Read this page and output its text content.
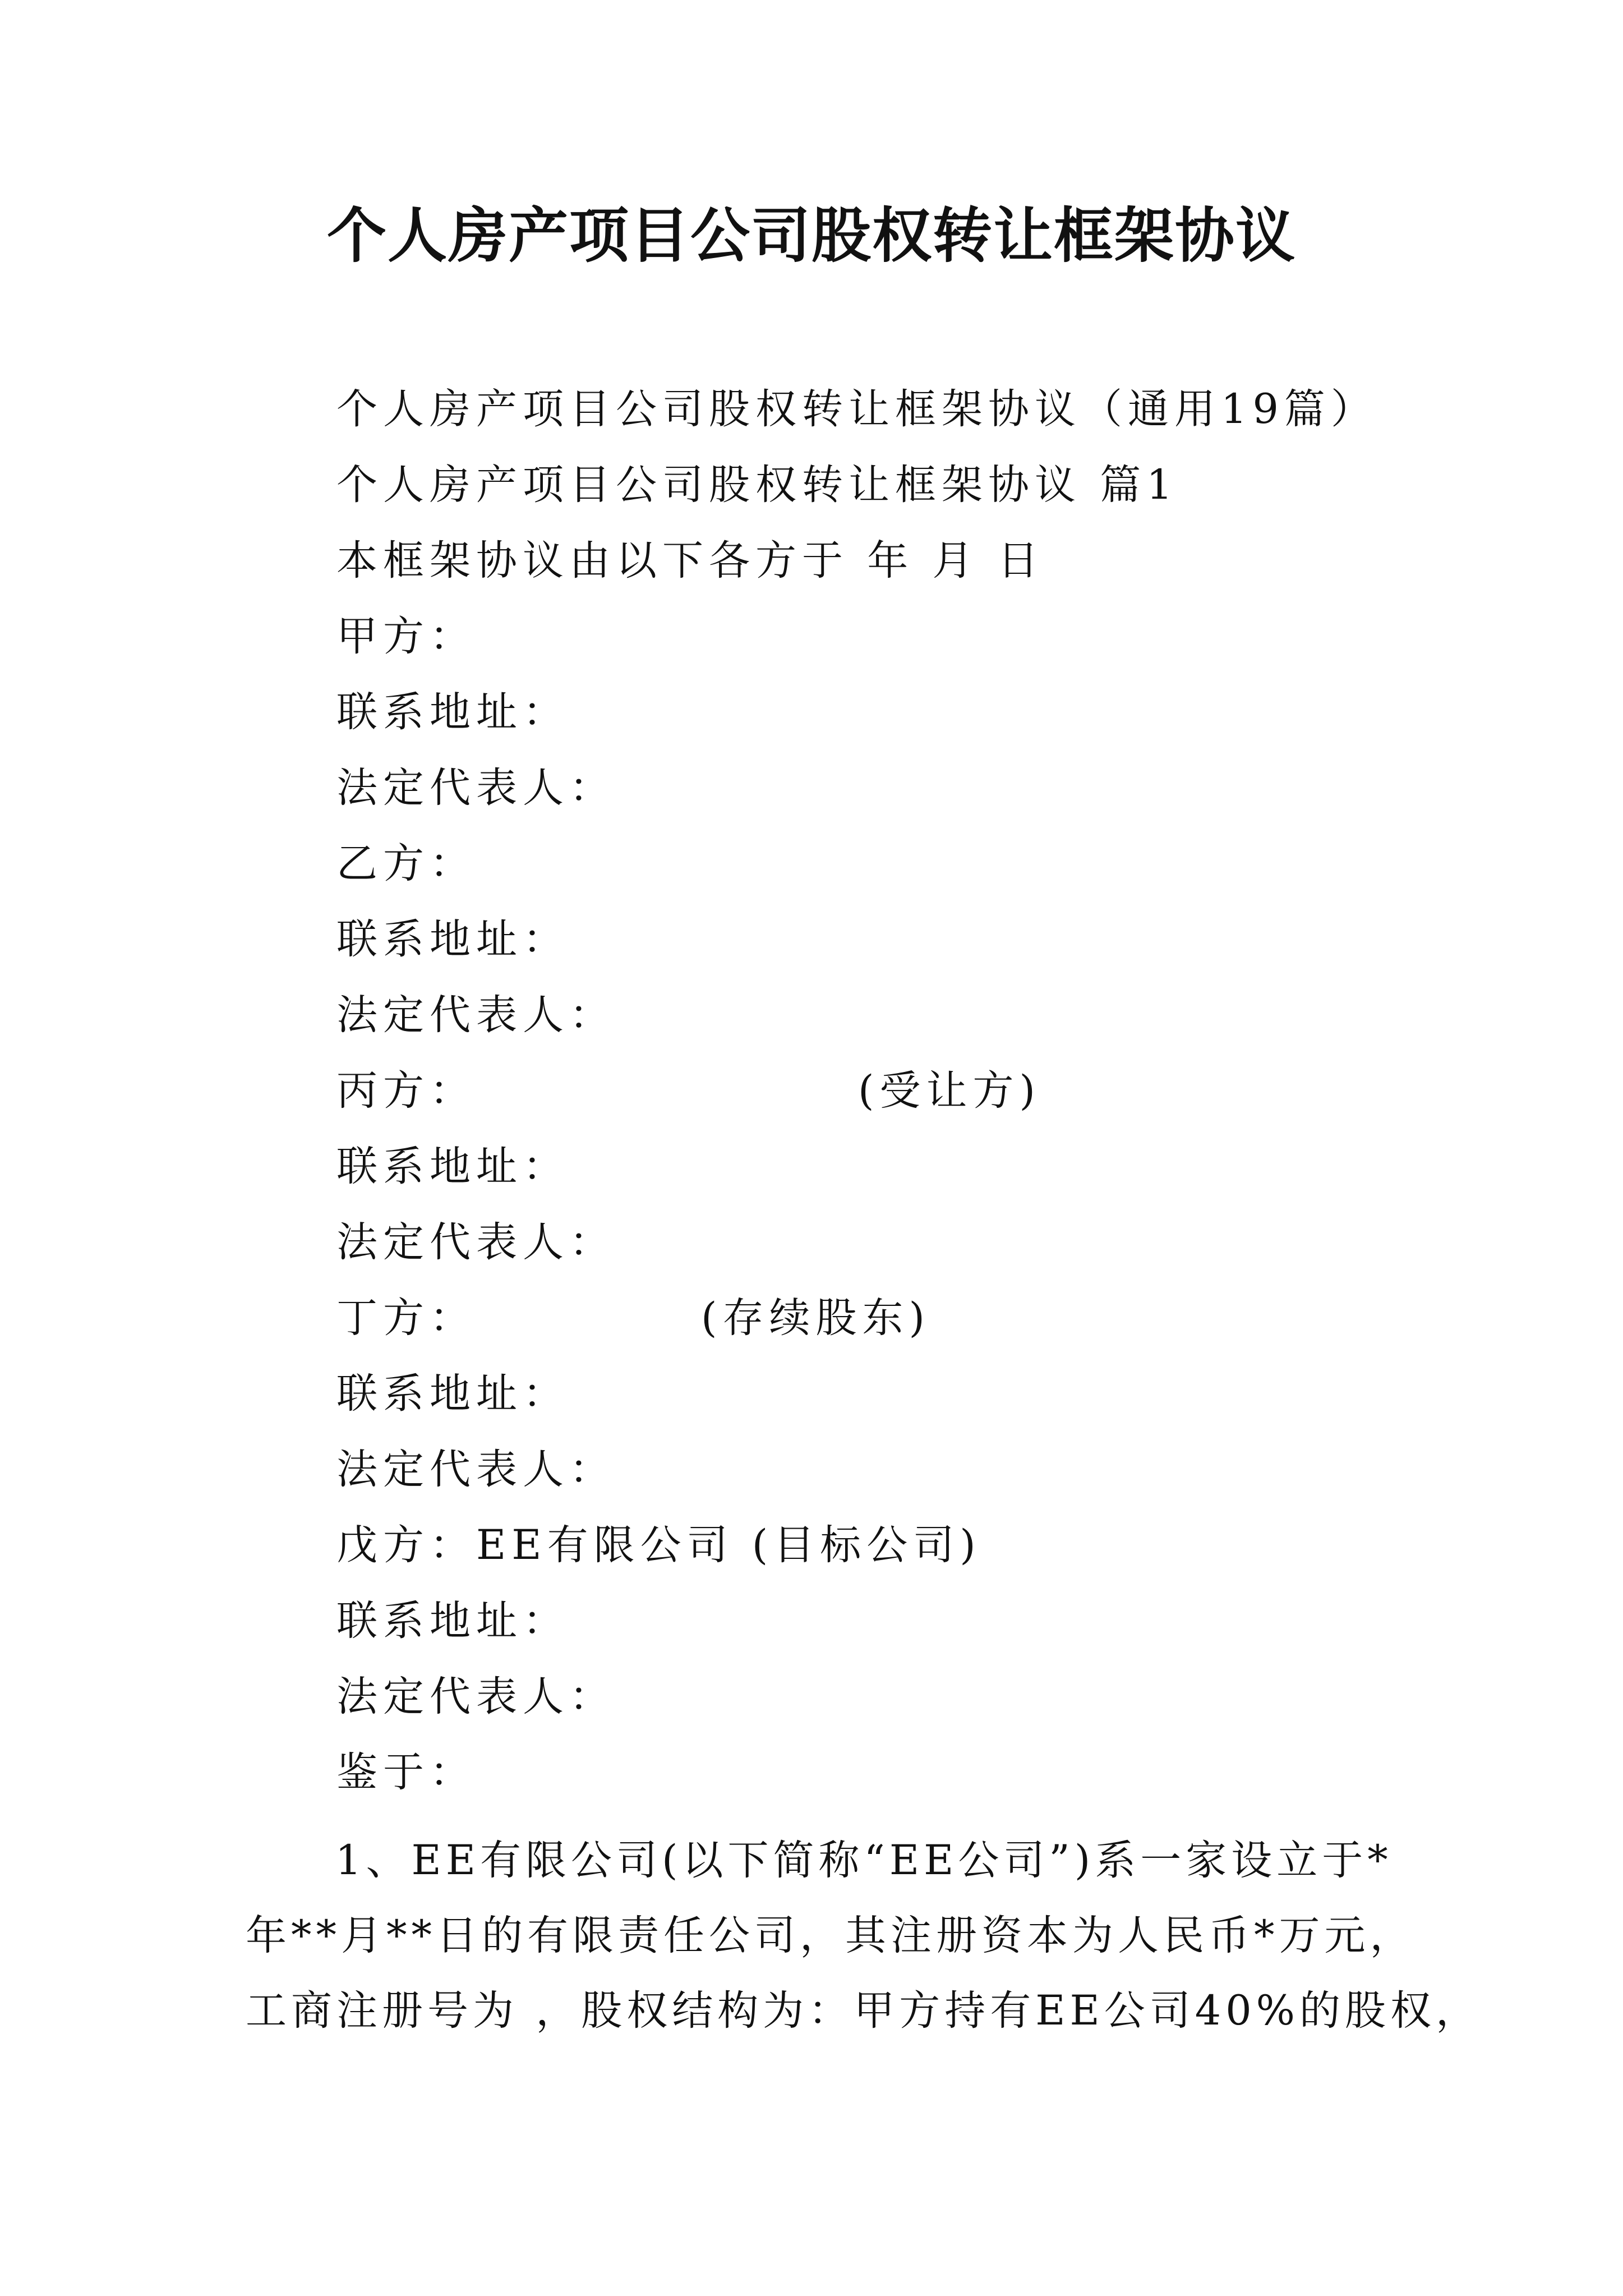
个人房产项目公司股权转让框架协议
个人房产项目公司股权转让框架协议（通用19篇）
个人房产项目公司股权转让框架协议 篇1
本框架协议由以下各方于 年 月 日
甲方：
联系地址：
法定代表人：
乙方：
联系地址：
法定代表人：
丙方：	(受让方)
联系地址：
法定代表人：
丁方：	(存续股东)
联系地址：
法定代表人：
戊方：EE有限公司 (目标公司)
联系地址：
法定代表人：
鉴于：
1、EE有限公司(以下简称“EE公司”)系一家设立于*
年**月**日的有限责任公司，其注册资本为人民币*万元，
工商注册号为 ，股权结构为：甲方持有EE公司40%的股权，
